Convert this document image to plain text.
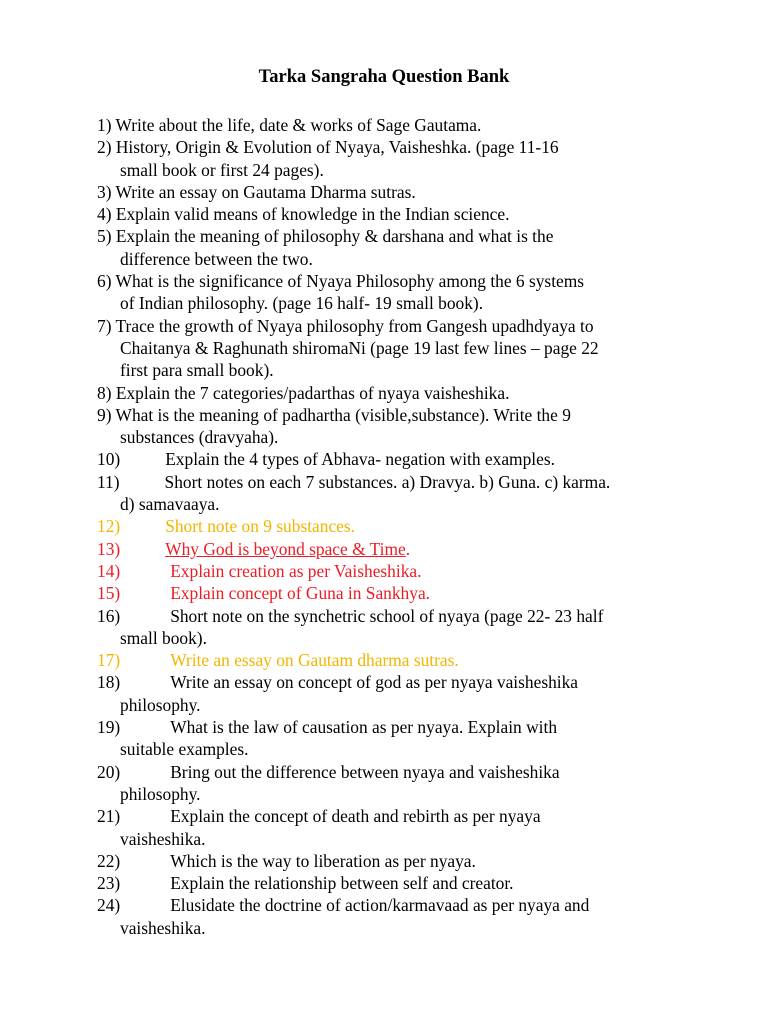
Tarka Sangraha Question Bank
1) Write about the life, date & works of Sage Gautama.
2) History, Origin & Evolution of Nyaya, Vaisheshka. (page 11-16
small book or first 24 pages).
3) Write an essay on Gautama Dharma sutras.
4) Explain valid means of knowledge in the Indian science.
5) Explain the meaning of philosophy & darshana and what is the
difference between the two.
6) What is the significance of Nyaya Philosophy among the 6 systems
of Indian philosophy. (page 16 half- 19 small book).
7) Trace the growth of Nyaya philosophy from Gangesh upadhdyaya to
Chaitanya & Raghunath shiromaNi (page 19 last few lines – page 22
first para small book).
8) Explain the 7 categories/padarthas of nyaya vaisheshika.
9) What is the meaning of padhartha (visible,substance). Write the 9
substances (dravyaha).
10)	Explain the 4 types of Abhava- negation with examples.
11)	Short notes on each 7 substances. a) Dravya. b) Guna. c) karma.
d) samavaaya.
12)	Short note on 9 substances.
13)	Why God is beyond space & Time.
14)	Explain creation as per Vaisheshika.
15)	Explain concept of Guna in Sankhya.
16)	Short note on the synchetric school of nyaya (page 22- 23 half
small book).
17)	Write an essay on Gautam dharma sutras.
18)	Write an essay on concept of god as per nyaya vaisheshika
philosophy.
19)	What is the law of causation as per nyaya. Explain with
suitable examples.
20)	Bring out the difference between nyaya and vaisheshika
philosophy.
21)	Explain the concept of death and rebirth as per nyaya
vaisheshika.
22)	Which is the way to liberation as per nyaya.
23)	Explain the relationship between self and creator.
24)	Elusidate the doctrine of action/karmavaad as per nyaya and
vaisheshika.
